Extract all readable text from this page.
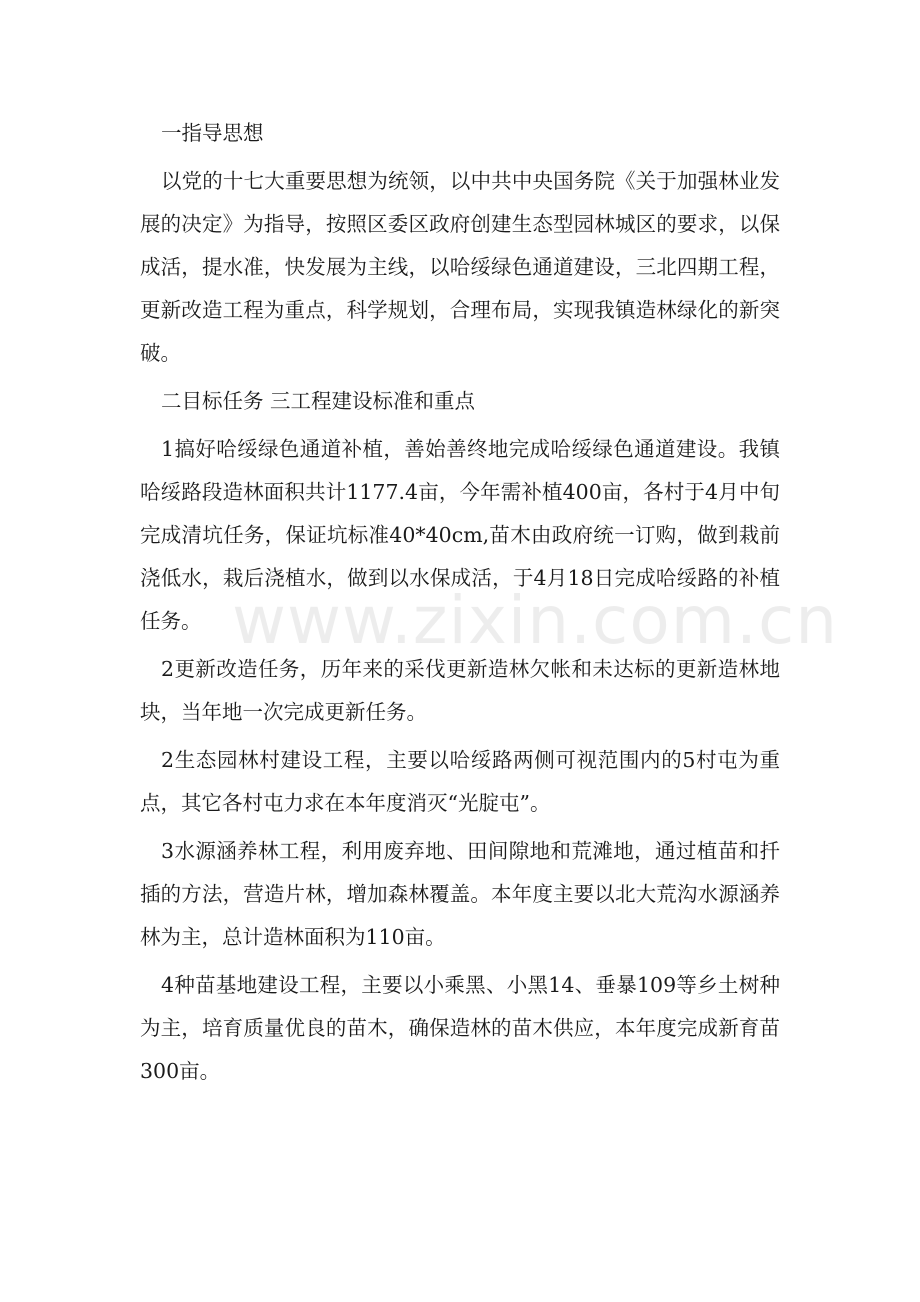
一指导思想

以党的十七大重要思想为统领，以中共中央国务院《关于加强林业发展的决定》为指导，按照区委区政府创建生态型园林城区的要求，以保成活，提水准，快发展为主线，以哈绥绿色通道建设，三北四期工程，更新改造工程为重点，科学规划，合理布局，实现我镇造林绿化的新突破。

二目标任务 三工程建设标准和重点

1搞好哈绥绿色通道补植，善始善终地完成哈绥绿色通道建设。我镇哈绥路段造林面积共计1177.4亩，今年需补植400亩，各村于4月中旬完成清坑任务，保证坑标准40*40cm,苗木由政府统一订购，做到栽前浇低水，栽后浇植水，做到以水保成活，于4月18日完成哈绥路的补植任务。

2更新改造任务，历年来的采伐更新造林欠帐和未达标的更新造林地块，当年地一次完成更新任务。

2生态园林村建设工程，主要以哈绥路两侧可视范围内的5村屯为重点，其它各村屯力求在本年度消灭“光腚屯”。

3水源涵养林工程，利用废弃地、田间隙地和荒滩地，通过植苗和扦插的方法，营造片林，增加森林覆盖。本年度主要以北大荒沟水源涵养林为主，总计造林面积为110亩。

4种苗基地建设工程，主要以小乘黑、小黑14、垂暴109等乡土树种为主，培育质量优良的苗木，确保造林的苗木供应，本年度完成新育苗300亩。

www.zixin.com.cn
